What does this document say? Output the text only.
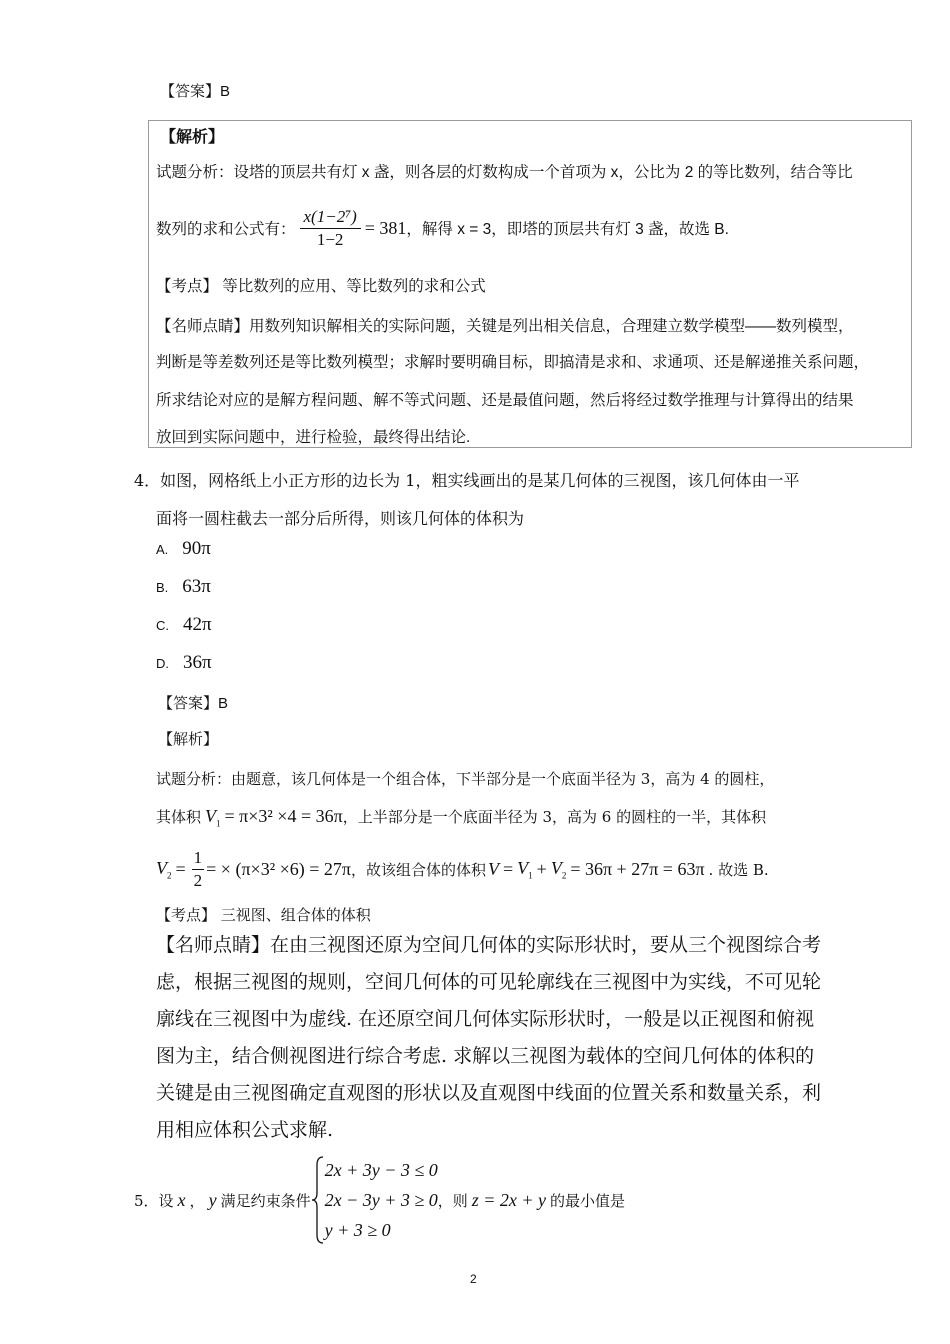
【答案】B
【解析】
试题分析：设塔的顶层共有灯 x 盏，则各层的灯数构成一个首项为 x，公比为 2 的等比数列，结合等比
数列的求和公式有： $\frac{\text{x(1−2⁷)}}{1-2} = 381$ ，解得 x = 3，即塔的顶层共有灯 3 盏，故选 B.
【考点】 等比数列的应用、等比数列的求和公式
【名师点睛】用数列知识解相关的实际问题，关键是列出相关信息，合理建立数学模型——数列模型，
判断是等差数列还是等比数列模型；求解时要明确目标，即搞清是求和、求通项、还是解递推关系问题，
所求结论对应的是解方程问题、解不等式问题、还是最值问题，然后将经过数学推理与计算得出的结果
放回到实际问题中，进行检验，最终得出结论.
4．如图，网格纸上小正方形的边长为 1，粗实线画出的是某几何体的三视图，该几何体由一平
面将一圆柱截去一部分后所得，则该几何体的体积为
A. 90π
B. 63π
C. 42π
D. 36π
【答案】B
【解析】
试题分析：由题意，该几何体是一个组合体，下半部分是一个底面半径为 3，高为 4 的圆柱，
其体积 $V_1 = \pi\times 3^2 \times 4 = 36\pi$ ，上半部分是一个底面半径为 3，高为 6 的圆柱的一半，其体积
$V_2 = \frac{1}{2}$ = × (π×3² ×6) = 27π ，故该组合体的体积 $V = V_1 + V_2 = 36\pi + 27\pi = 63\pi$ . 故选 B.
【考点】 三视图、组合体的体积
【名师点睛】在由三视图还原为空间几何体的实际形状时，要从三个视图综合考
虑，根据三视图的规则，空间几何体的可见轮廓线在三视图中为实线，不可见轮
廓线在三视图中为虚线. 在还原空间几何体实际形状时，一般是以正视图和俯视
图为主，结合侧视图进行综合考虑. 求解以三视图为载体的空间几何体的体积的
关键是由三视图确定直观图的形状以及直观图中线面的位置关系和数量关系，利
用相应体积公式求解.
5．设 x ， y 满足约束条件
2x + 3y − 3 ≤ 0
2x − 3y + 3 ≥ 0
y + 3 ≥ 0
，则 z = 2x + y 的最小值是
2
